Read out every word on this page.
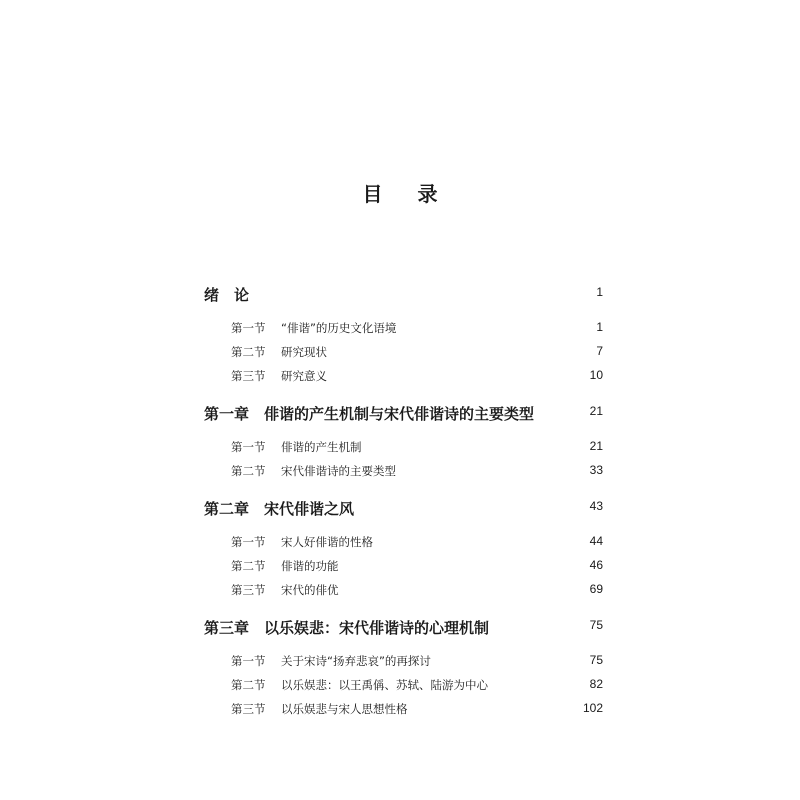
目 录
绪　论	1
第一节 “俳谐”的历史文化语境	1
第二节 研究现状	7
第三节 研究意义	10
第一章　俳谐的产生机制与宋代俳谐诗的主要类型	21
第一节 俳谐的产生机制	21
第二节 宋代俳谐诗的主要类型	33
第二章　宋代俳谐之风	43
第一节 宋人好俳谐的性格	44
第二节 俳谐的功能	46
第三节 宋代的俳优	69
第三章　以乐娱悲：宋代俳谐诗的心理机制	75
第一节 关于宋诗“扬弃悲哀”的再探讨	75
第二节 以乐娱悲：以王禹偁、苏轼、陆游为中心	82
第三节 以乐娱悲与宋人思想性格	102
